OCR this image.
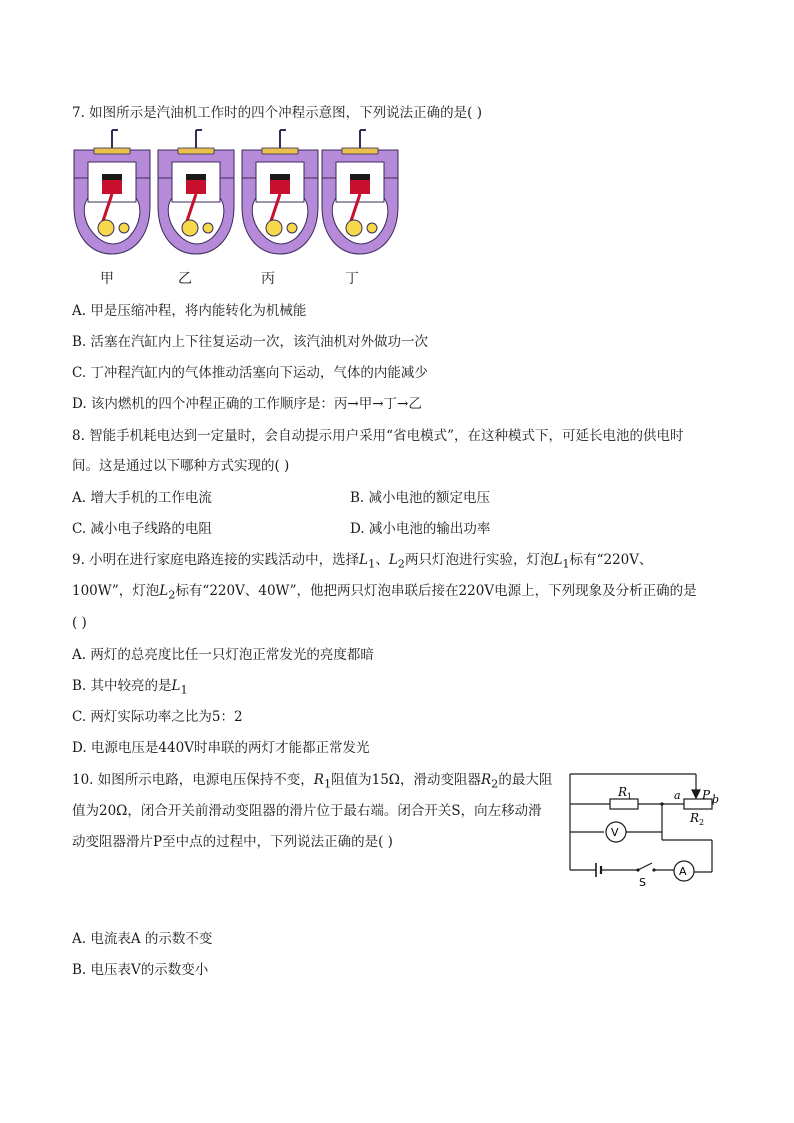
7. 如图所示是汽油机工作时的四个冲程示意图，下列说法正确的是( )
甲	乙	丙	丁
A. 甲是压缩冲程，将内能转化为机械能
B. 活塞在汽缸内上下往复运动一次，该汽油机对外做功一次
C. 丁冲程汽缸内的气体推动活塞向下运动，气体的内能减少
D. 该内燃机的四个冲程正确的工作顺序是：丙→甲→丁→乙
8. 智能手机耗电达到一定量时，会自动提示用户采用“省电模式”，在这种模式下，可延长电池的供电时
间。这是通过以下哪种方式实现的( )
A. 增大手机的工作电流	B. 减小电池的额定电压
C. 减小电子线路的电阻	D. 减小电池的输出功率
9. 小明在进行家庭电路连接的实践活动中，选择$L_1$、$L_2$两只灯泡进行实验，灯泡$L_1$标有“220V、
100W”，灯泡$L_2$标有“220V、40W”，他把两只灯泡串联后接在220V电源上，下列现象及分析正确的是
( )
A. 两灯的总亮度比任一只灯泡正常发光的亮度都暗
B. 其中较亮的是$L_1$
C. 两灯实际功率之比为5：2
D. 电源电压是440V时串联的两灯才能都正常发光
10. 如图所示电路，电源电压保持不变，$R_1$阻值为15Ω，滑动变阻器$R_2$的最大阻
值为20Ω，闭合开关前滑动变阻器的滑片位于最右端。闭合开关S，向左移动滑
动变阻器滑片P至中点的过程中，下列说法正确的是( )
$R_1$	a P b
$R_2$
V
A
S
A. 电流表A 的示数不变
B. 电压表V的示数变小
